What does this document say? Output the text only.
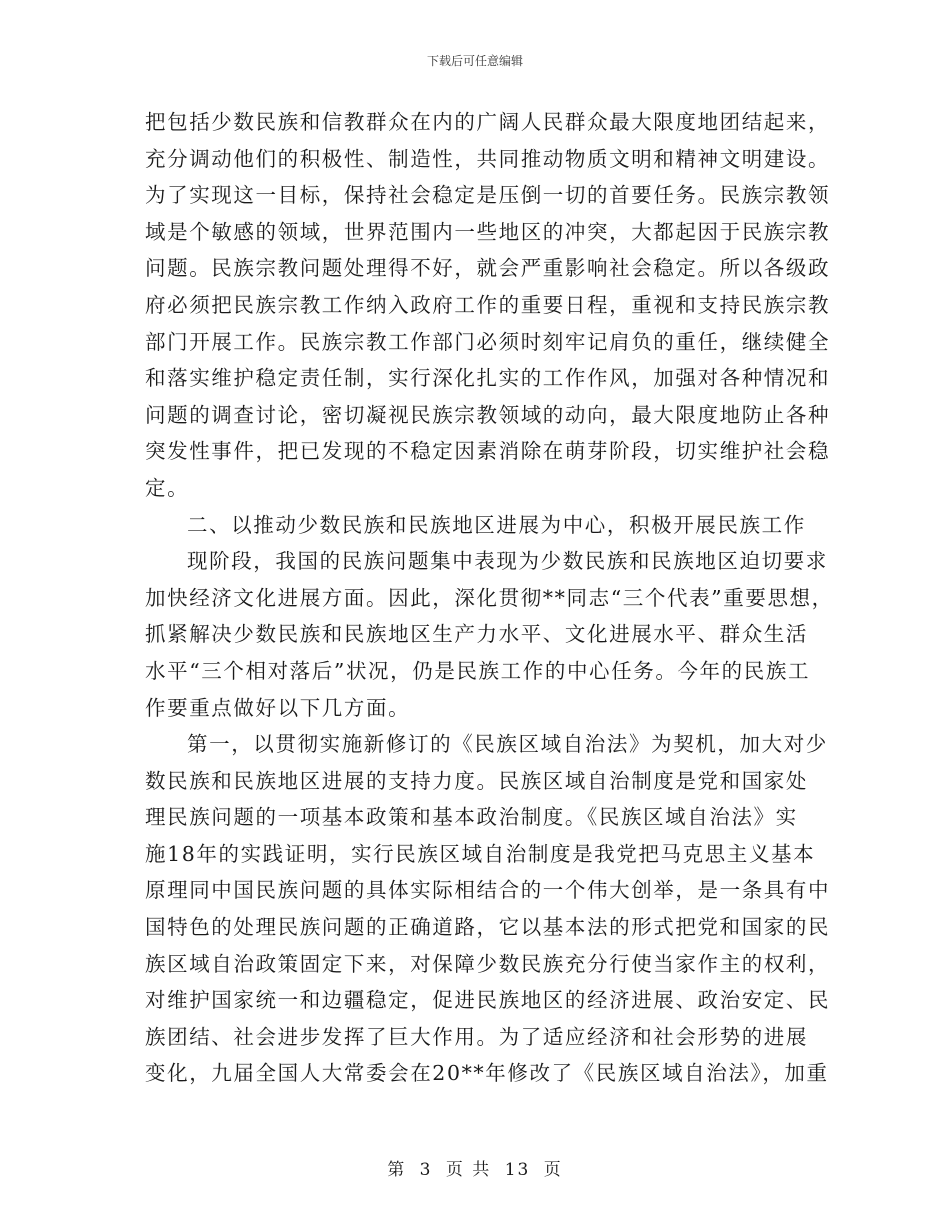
下载后可任意编辑
把包括少数民族和信教群众在内的广阔人民群众最大限度地团结起来，
充分调动他们的积极性、制造性，共同推动物质文明和精神文明建设。
为了实现这一目标，保持社会稳定是压倒一切的首要任务。民族宗教领
域是个敏感的领域，世界范围内一些地区的冲突，大都起因于民族宗教
问题。民族宗教问题处理得不好，就会严重影响社会稳定。所以各级政
府必须把民族宗教工作纳入政府工作的重要日程，重视和支持民族宗教
部门开展工作。民族宗教工作部门必须时刻牢记肩负的重任，继续健全
和落实维护稳定责任制，实行深化扎实的工作作风，加强对各种情况和
问题的调查讨论，密切凝视民族宗教领域的动向，最大限度地防止各种
突发性事件，把已发现的不稳定因素消除在萌芽阶段，切实维护社会稳
定。
二、以推动少数民族和民族地区进展为中心，积极开展民族工作
现阶段，我国的民族问题集中表现为少数民族和民族地区迫切要求
加快经济文化进展方面。因此，深化贯彻**同志“三个代表”重要思想，
抓紧解决少数民族和民族地区生产力水平、文化进展水平、群众生活
水平“三个相对落后”状况，仍是民族工作的中心任务。今年的民族工
作要重点做好以下几方面。
第一，以贯彻实施新修订的《民族区域自治法》为契机，加大对少
数民族和民族地区进展的支持力度。民族区域自治制度是党和国家处
理民族问题的一项基本政策和基本政治制度。《民族区域自治法》实
施18年的实践证明，实行民族区域自治制度是我党把马克思主义基本
原理同中国民族问题的具体实际相结合的一个伟大创举，是一条具有中
国特色的处理民族问题的正确道路，它以基本法的形式把党和国家的民
族区域自治政策固定下来，对保障少数民族充分行使当家作主的权利，
对维护国家统一和边疆稳定，促进民族地区的经济进展、政治安定、民
族团结、社会进步发挥了巨大作用。为了适应经济和社会形势的进展
变化，九届全国人大常委会在20**年修改了《民族区域自治法》，加重
第 3 页 共 13 页
